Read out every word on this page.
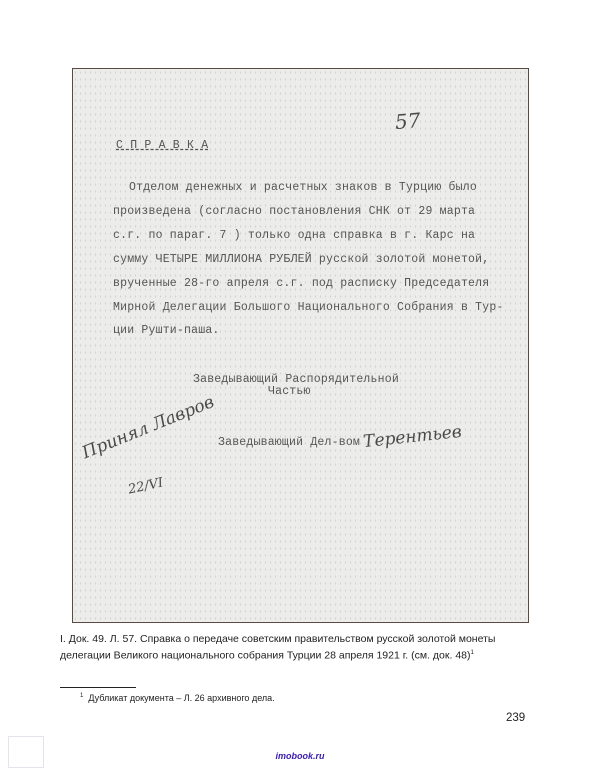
57
С П Р А В К А
Отделом денежных и расчетных знаков в Турцию было
произведена (согласно постановления СНК от 29 марта
с.г. по параг. 7 ) только одна справка в г. Карс на
сумму ЧЕТЫРЕ МИЛЛИОНА РУБЛЕЙ русской золотой монетой,
врученные 28-го апреля с.г. под расписку Председателя
Мирной Делегации Большого Национального Собрания в Тур-
ции Рушти-паша.
Заведывающий Распорядительной
Частью
Заведывающий Дел-вом
Принял Лавров
22/VI
Терентьев
I. Док. 49. Л. 57. Справка о передаче советским правительством русской золотой монеты делегации Великого национального собрания Турции 28 апреля 1921 г. (см. док. 48)$^1$
$^1$ Дубликат документа – Л. 26 архивного дела.
239
imobook.ru
